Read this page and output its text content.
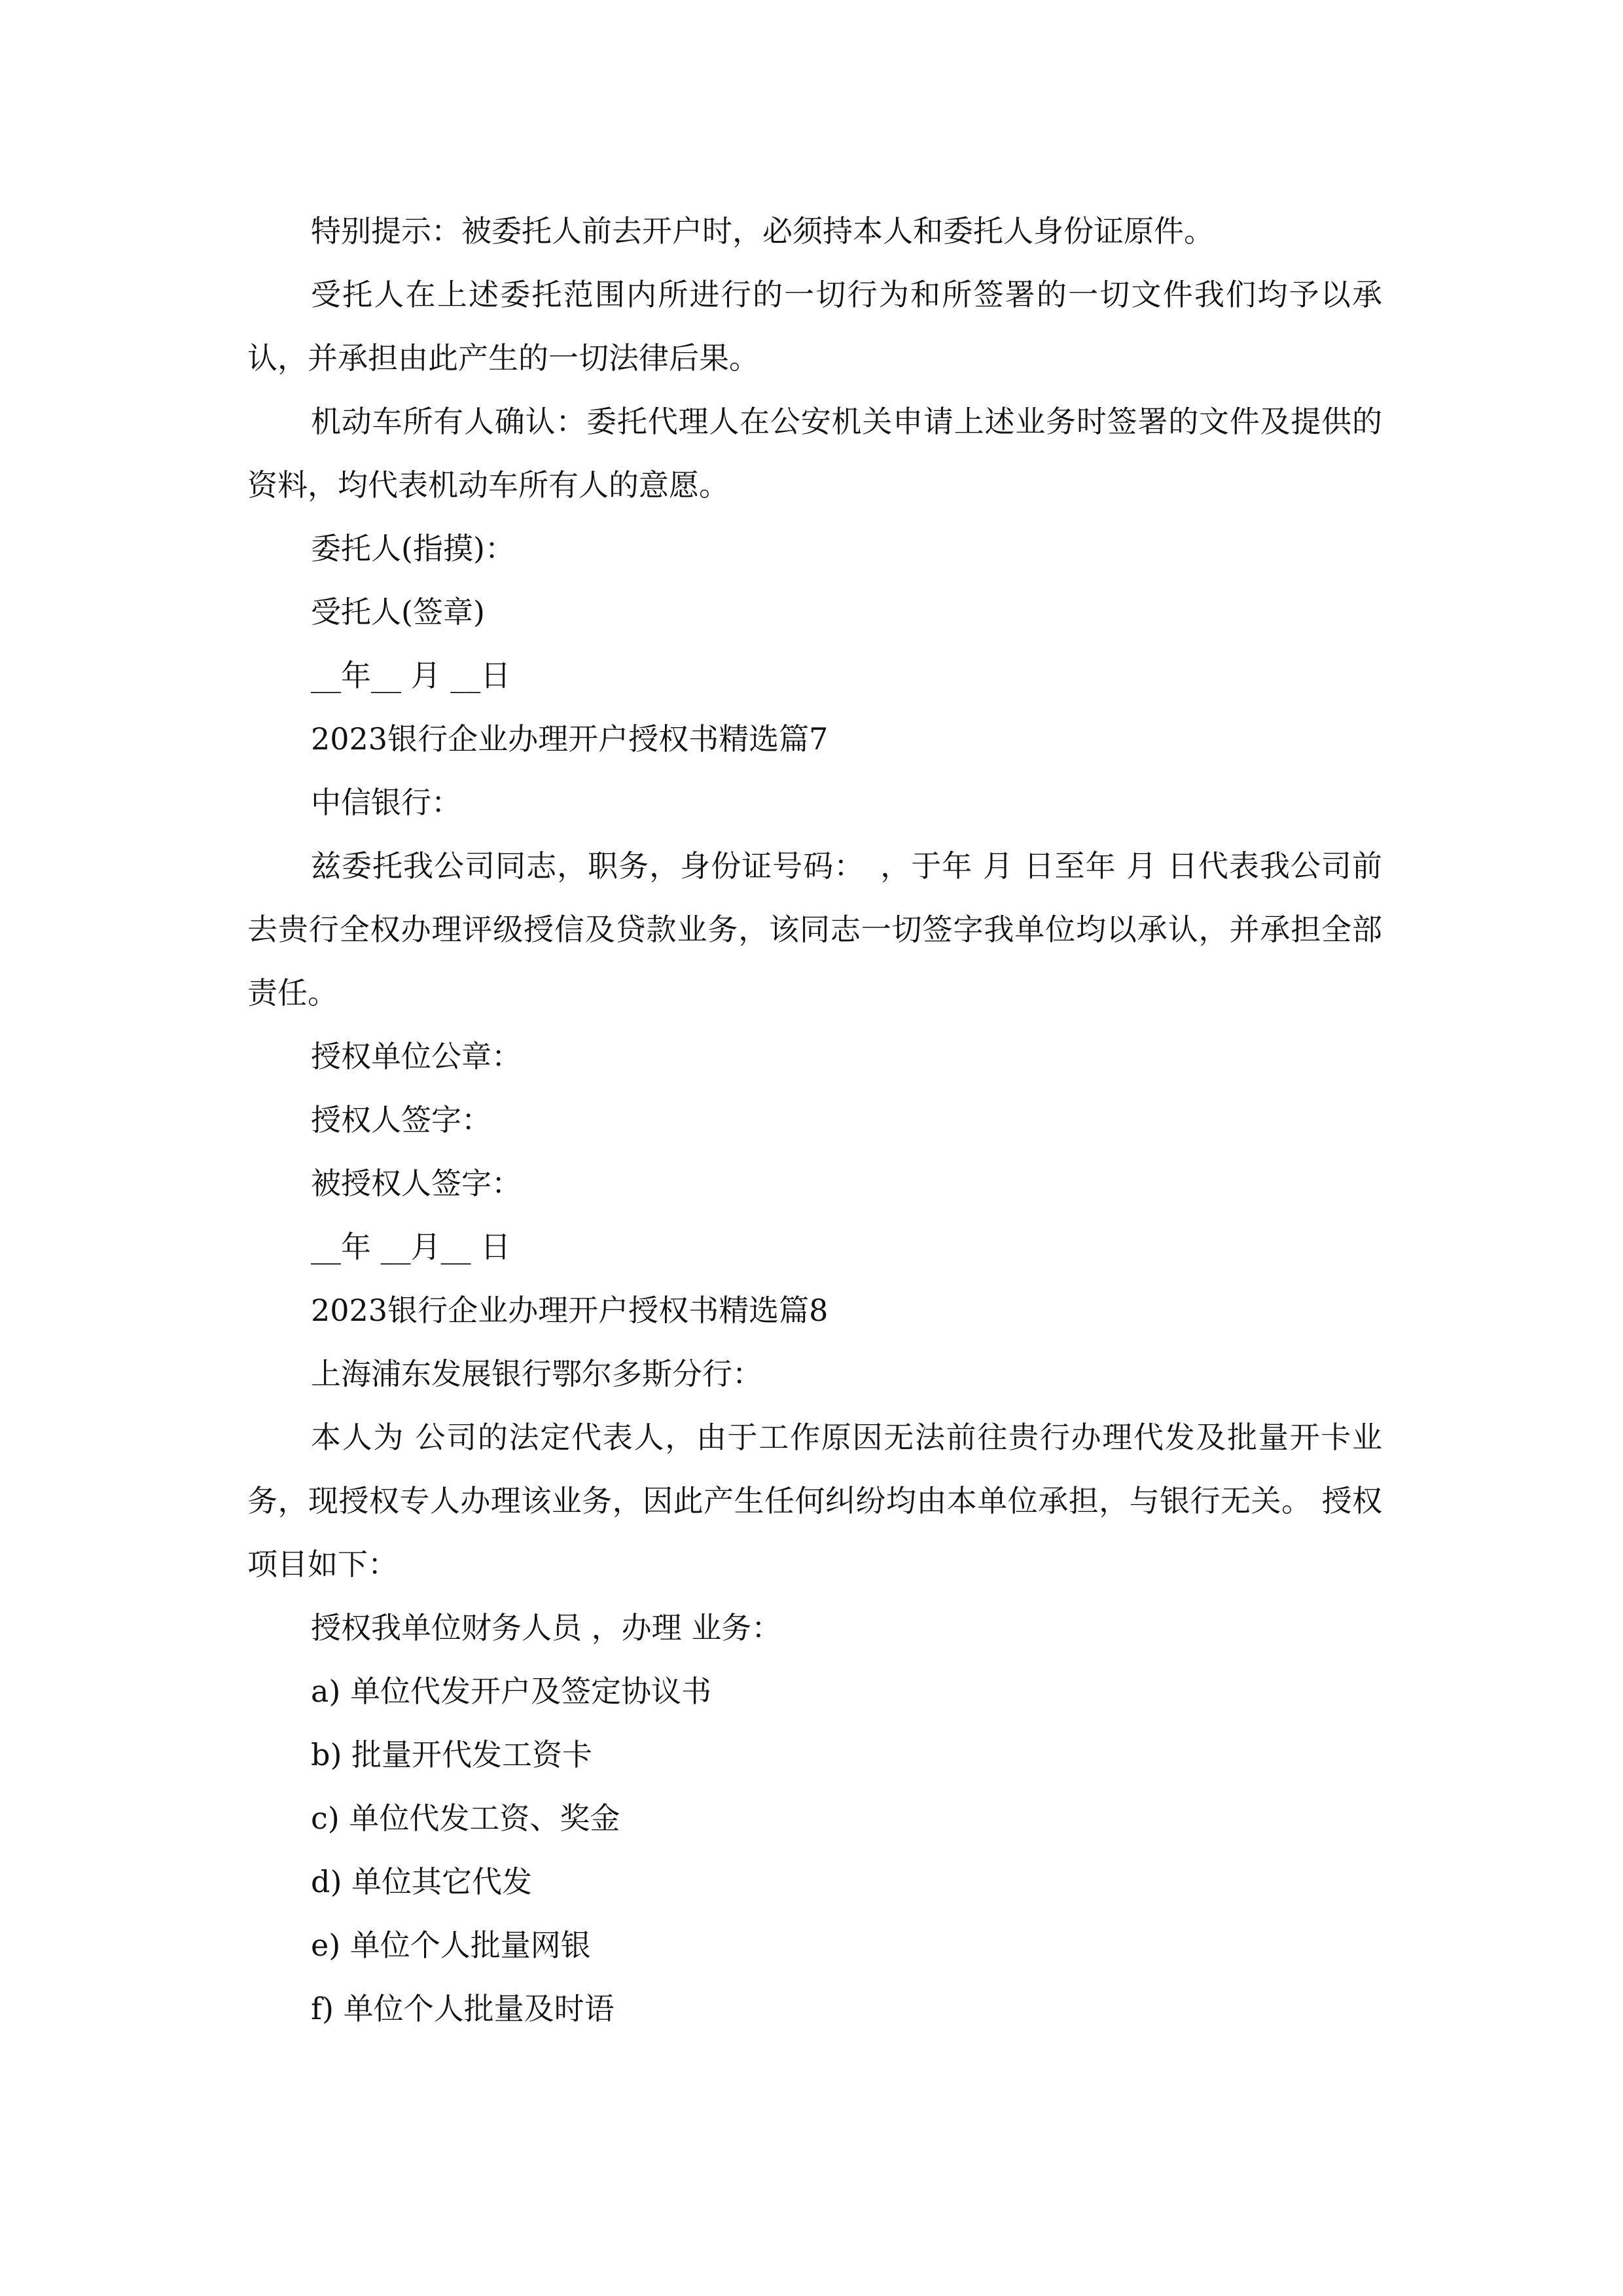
特别提示：被委托人前去开户时，必须持本人和委托人身份证原件。

受托人在上述委托范围内所进行的一切行为和所签署的一切文件我们均予以承认，并承担由此产生的一切法律后果。

机动车所有人确认：委托代理人在公安机关申请上述业务时签署的文件及提供的资料，均代表机动车所有人的意愿。

委托人(指摸)：

受托人(签章)

__年__ 月 __日

2023银行企业办理开户授权书精选篇7

中信银行：

兹委托我公司同志，职务，身份证号码：　，于年 月 日至年 月 日代表我公司前去贵行全权办理评级授信及贷款业务，该同志一切签字我单位均以承认，并承担全部责任。

授权单位公章：

授权人签字：

被授权人签字：

__年 __月__ 日

2023银行企业办理开户授权书精选篇8

上海浦东发展银行鄂尔多斯分行：

本人为 公司的法定代表人，由于工作原因无法前往贵行办理代发及批量开卡业务，现授权专人办理该业务，因此产生任何纠纷均由本单位承担，与银行无关。 授权项目如下：

授权我单位财务人员 ，办理 业务：

a) 单位代发开户及签定协议书

b) 批量开代发工资卡

c) 单位代发工资、奖金

d) 单位其它代发

e) 单位个人批量网银

f) 单位个人批量及时语
